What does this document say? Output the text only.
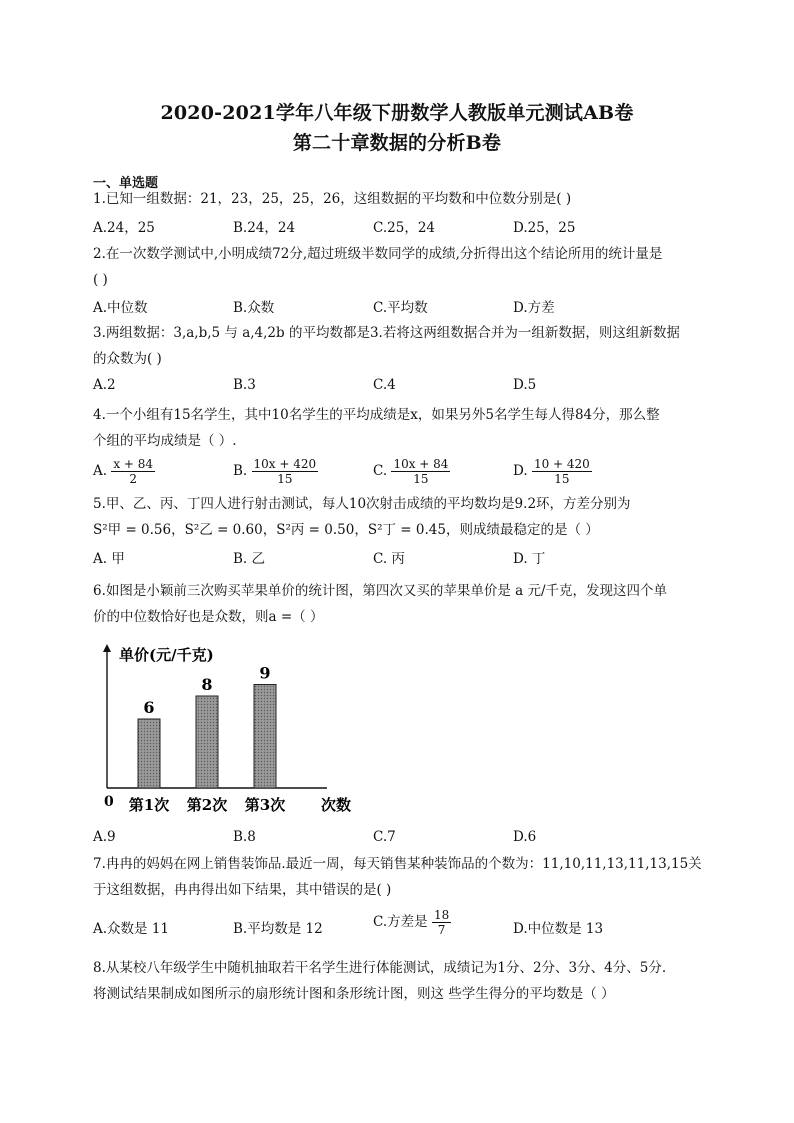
2020-2021学年八年级下册数学人教版单元测试AB卷
第二十章数据的分析B卷
一、单选题
1.已知一组数据：21，23，25，25，26，这组数据的平均数和中位数分别是( )
A.24，25	B.24，24	C.25，24	D.25，25
2.在一次数学测试中,小明成绩72分,超过班级半数同学的成绩,分折得出这个结论所用的统计量是
( )
A.中位数	B.众数	C.平均数	D.方差
3.两组数据：3,a,b,5 与 a,4,2b 的平均数都是3.若将这两组数据合并为一组新数据，则这组新数据
的众数为( )
A.2	B.3	C.4	D.5
4.一个小组有15名学生，其中10名学生的平均成绩是x，如果另外5名学生每人得84分，那么整
个组的平均成绩是（ ）.
A. $\frac{x + 84}{2}$	B. $\frac{10x + 420}{15}$	C. $\frac{10x + 84}{15}$	D. $\frac{10 + 420}{15}$
5.甲、乙、丙、丁四人进行射击测试，每人10次射击成绩的平均数均是9.2环，方差分别为
S²甲 = 0.56，S²乙 = 0.60，S²丙 = 0.50，S²丁 = 0.45，则成绩最稳定的是（ ）
A. 甲	B. 乙	C. 丙	D. 丁
6.如图是小颖前三次购买苹果单价的统计图，第四次又买的苹果单价是 a 元/千克，发现这四个单
价的中位数恰好也是众数，则a =（ ）
单价(元/千克)
0	次数
6
第1次
8
第2次
9
第3次
A.9	B.8	C.7	D.6
7.冉冉的妈妈在网上销售装饰品.最近一周，每天销售某种装饰品的个数为：11,10,11,13,11,13,15关
于这组数据，冉冉得出如下结果，其中错误的是( )
A.众数是 11	B.平均数是 12	C.方差是 $\frac{18}{7}$	D.中位数是 13
8.从某校八年级学生中随机抽取若干名学生进行体能测试，成绩记为1分、2分、3分、4分、5分.
将测试结果制成如图所示的扇形统计图和条形统计图，则这 些学生得分的平均数是（ ）
